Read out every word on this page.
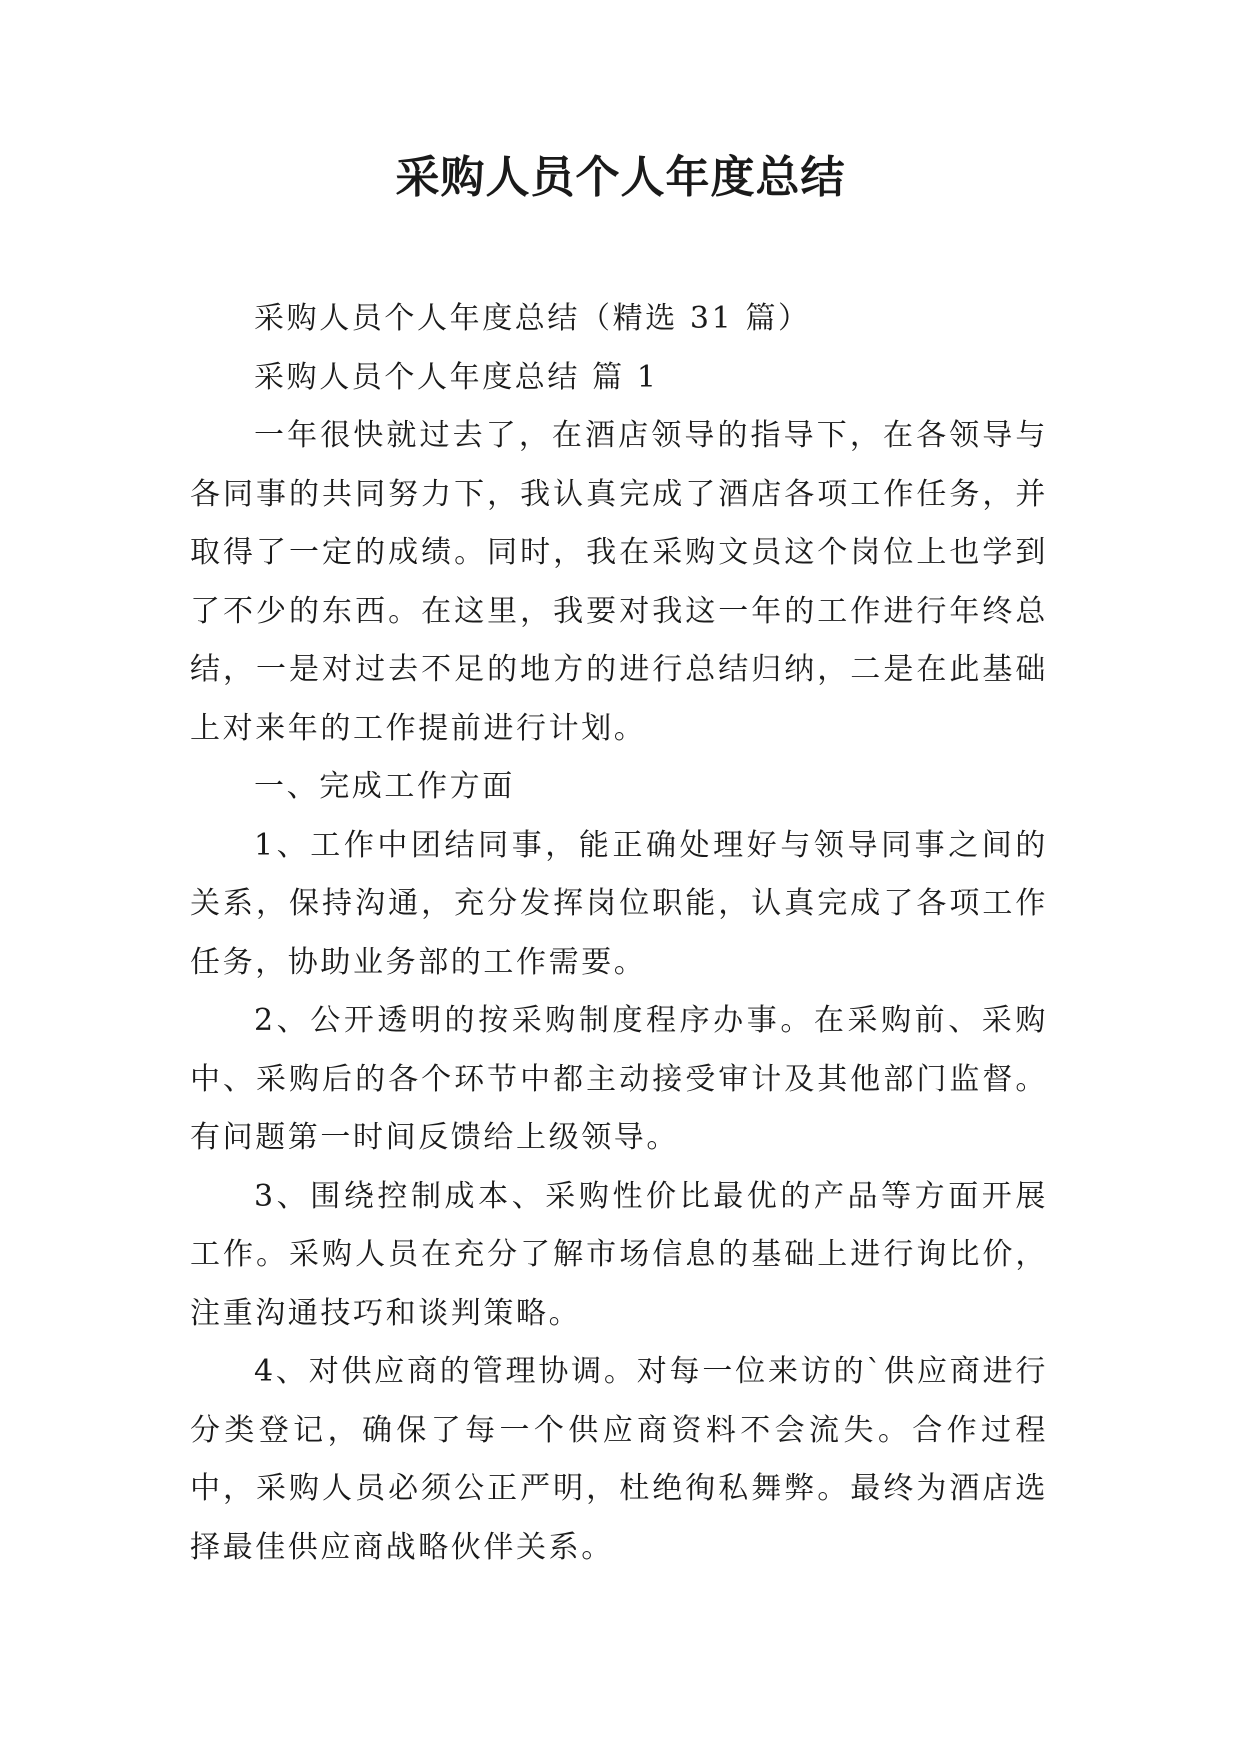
采购人员个人年度总结

采购人员个人年度总结（精选 31 篇）

采购人员个人年度总结 篇 1

一年很快就过去了，在酒店领导的指导下，在各领导与各同事的共同努力下，我认真完成了酒店各项工作任务，并取得了一定的成绩。同时，我在采购文员这个岗位上也学到了不少的东西。在这里，我要对我这一年的工作进行年终总结，一是对过去不足的地方的进行总结归纳，二是在此基础上对来年的工作提前进行计划。

一、完成工作方面

1、工作中团结同事，能正确处理好与领导同事之间的关系，保持沟通，充分发挥岗位职能，认真完成了各项工作任务，协助业务部的工作需要。

2、公开透明的按采购制度程序办事。在采购前、采购中、采购后的各个环节中都主动接受审计及其他部门监督。有问题第一时间反馈给上级领导。

3、围绕控制成本、采购性价比最优的产品等方面开展工作。采购人员在充分了解市场信息的基础上进行询比价，注重沟通技巧和谈判策略。

4、对供应商的管理协调。对每一位来访的`供应商进行分类登记，确保了每一个供应商资料不会流失。合作过程中，采购人员必须公正严明，杜绝徇私舞弊。最终为酒店选择最佳供应商战略伙伴关系。
